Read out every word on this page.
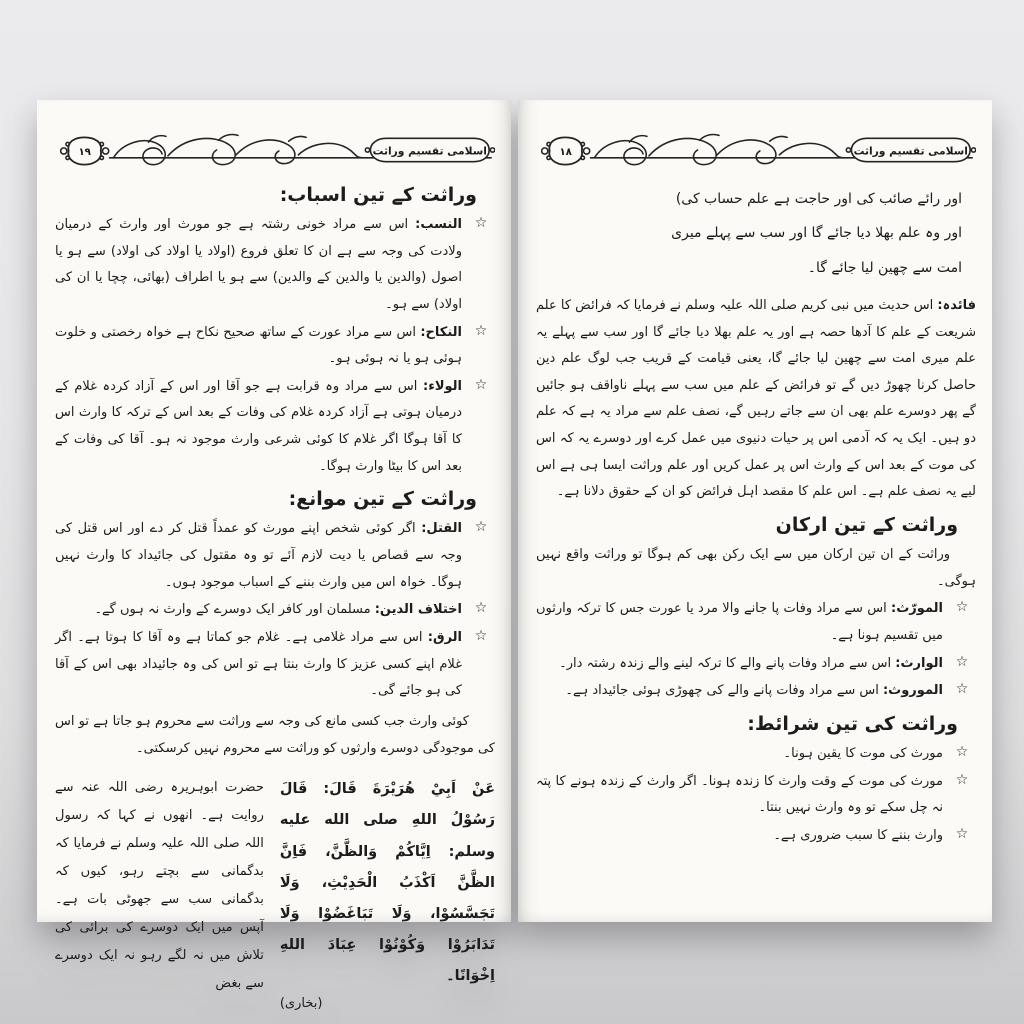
۱۹	اسلامی تقسیم وراثت
وراثت کے تین اسباب:
☆
النسب: اس سے مراد خونی رشتہ ہے جو مورث اور وارث کے درمیان ولادت کی وجہ سے ہے ان کا تعلق فروع (اولاد یا اولاد کی اولاد) سے ہو یا اصول (والدین یا والدین کے والدین) سے ہو یا اطراف (بھائی، چچا یا ان کی اولاد) سے ہو۔
☆
النکاح: اس سے مراد عورت کے ساتھ صحیح نکاح ہے خواہ رخصتی و خلوت ہوئی ہو یا نہ ہوئی ہو۔
☆
الولاء: اس سے مراد وہ قرابت ہے جو آقا اور اس کے آزاد کردہ غلام کے درمیان ہوتی ہے آزاد کردہ غلام کی وفات کے بعد اس کے ترکہ کا وارث اس کا آقا ہوگا اگر غلام کا کوئی شرعی وارث موجود نہ ہو۔ آقا کی وفات کے بعد اس کا بیٹا وارث ہوگا۔
وراثت کے تین موانع:
☆
القتل: اگر کوئی شخص اپنے مورث کو عمداً قتل کر دے اور اس قتل کی وجہ سے قصاص یا دیت لازم آئے تو وہ مقتول کی جائیداد کا وارث نہیں ہوگا۔ خواہ اس میں وارث بننے کے اسباب موجود ہوں۔
☆
اختلاف الدین: مسلمان اور کافر ایک دوسرے کے وارث نہ ہوں گے۔
☆
الرق: اس سے مراد غلامی ہے۔ غلام جو کماتا ہے وہ آقا کا ہوتا ہے۔ اگر غلام اپنے کسی عزیز کا وارث بنتا ہے تو اس کی وہ جائیداد بھی اس کے آقا کی ہو جائے گی۔
کوئی وارث جب کسی مانع کی وجہ سے وراثت سے محروم ہو جاتا ہے تو اس کی موجودگی دوسرے وارثوں کو وراثت سے محروم نہیں کرسکتی۔
عَنْ اَبِيْ هُرَيْرَةَ قَالَ: قَالَ رَسُوْلُ اللهِ صلى الله عليه وسلم: اِيَّاكُمْ وَالظَّنَّ، فَاِنَّ الظَّنَّ اَكْذَبُ الْحَدِيْثِ، وَلَا تَجَسَّسُوْا، وَلَا تَبَاغَضُوْا وَلَا تَدَابَرُوْا وَكُوْنُوْا عِبَادَ اللهِ اِخْوَانًا۔
(بخاری)
حضرت ابوہریرہ رضی اللہ عنہ سے روایت ہے۔ انھوں نے کہا کہ رسول اللہ صلی اللہ علیہ وسلم نے فرمایا کہ بدگمانی سے بچتے رہو، کیوں کہ بدگمانی سب سے جھوٹی بات ہے۔ آپس میں ایک دوسرے کی برائی کی تلاش میں نہ لگے رہو نہ ایک دوسرے سے بغض
۱۸	اسلامی تقسیم وراثت
اور رائے صائب کی اور حاجت ہے علم حساب کی)
اور وہ علم بھلا دیا جائے گا اور سب سے پہلے میری
امت سے چھین لیا جائے گا۔
فائدہ: اس حدیث میں نبی کریم صلی اللہ علیہ وسلم نے فرمایا کہ فرائض کا علم شریعت کے علم کا آدھا حصہ ہے اور یہ علم بھلا دیا جائے گا اور سب سے پہلے یہ علم میری امت سے چھین لیا جائے گا، یعنی قیامت کے قریب جب لوگ علم دین حاصل کرنا چھوڑ دیں گے تو فرائض کے علم میں سب سے پہلے ناواقف ہو جائیں گے پھر دوسرے علم بھی ان سے جاتے رہیں گے، نصف علم سے مراد یہ ہے کہ علم دو ہیں۔ ایک یہ کہ آدمی اس پر حیات دنیوی میں عمل کرے اور دوسرے یہ کہ اس کی موت کے بعد اس کے وارث اس پر عمل کریں اور علم وراثت ایسا ہی ہے اس لیے یہ نصف علم ہے۔ اس علم کا مقصد اہل فرائض کو ان کے حقوق دلانا ہے۔
وراثت کے تین ارکان
وراثت کے ان تین ارکان میں سے ایک رکن بھی کم ہوگا تو وراثت واقع نہیں ہوگی۔
☆
المورّث: اس سے مراد وفات پا جانے والا مرد یا عورت جس کا ترکہ وارثوں میں تقسیم ہونا ہے۔
☆
الوارث: اس سے مراد وفات پانے والے کا ترکہ لینے والے زندہ رشتہ دار۔
☆
الموروث: اس سے مراد وفات پانے والے کی چھوڑی ہوئی جائیداد ہے۔
وراثت کی تین شرائط:
☆
مورث کی موت کا یقین ہونا۔
☆
مورث کی موت کے وقت وارث کا زندہ ہونا۔ اگر وارث کے زندہ ہونے کا پتہ نہ چل سکے تو وہ وارث نہیں بنتا۔
☆
وارث بننے کا سبب ضروری ہے۔
